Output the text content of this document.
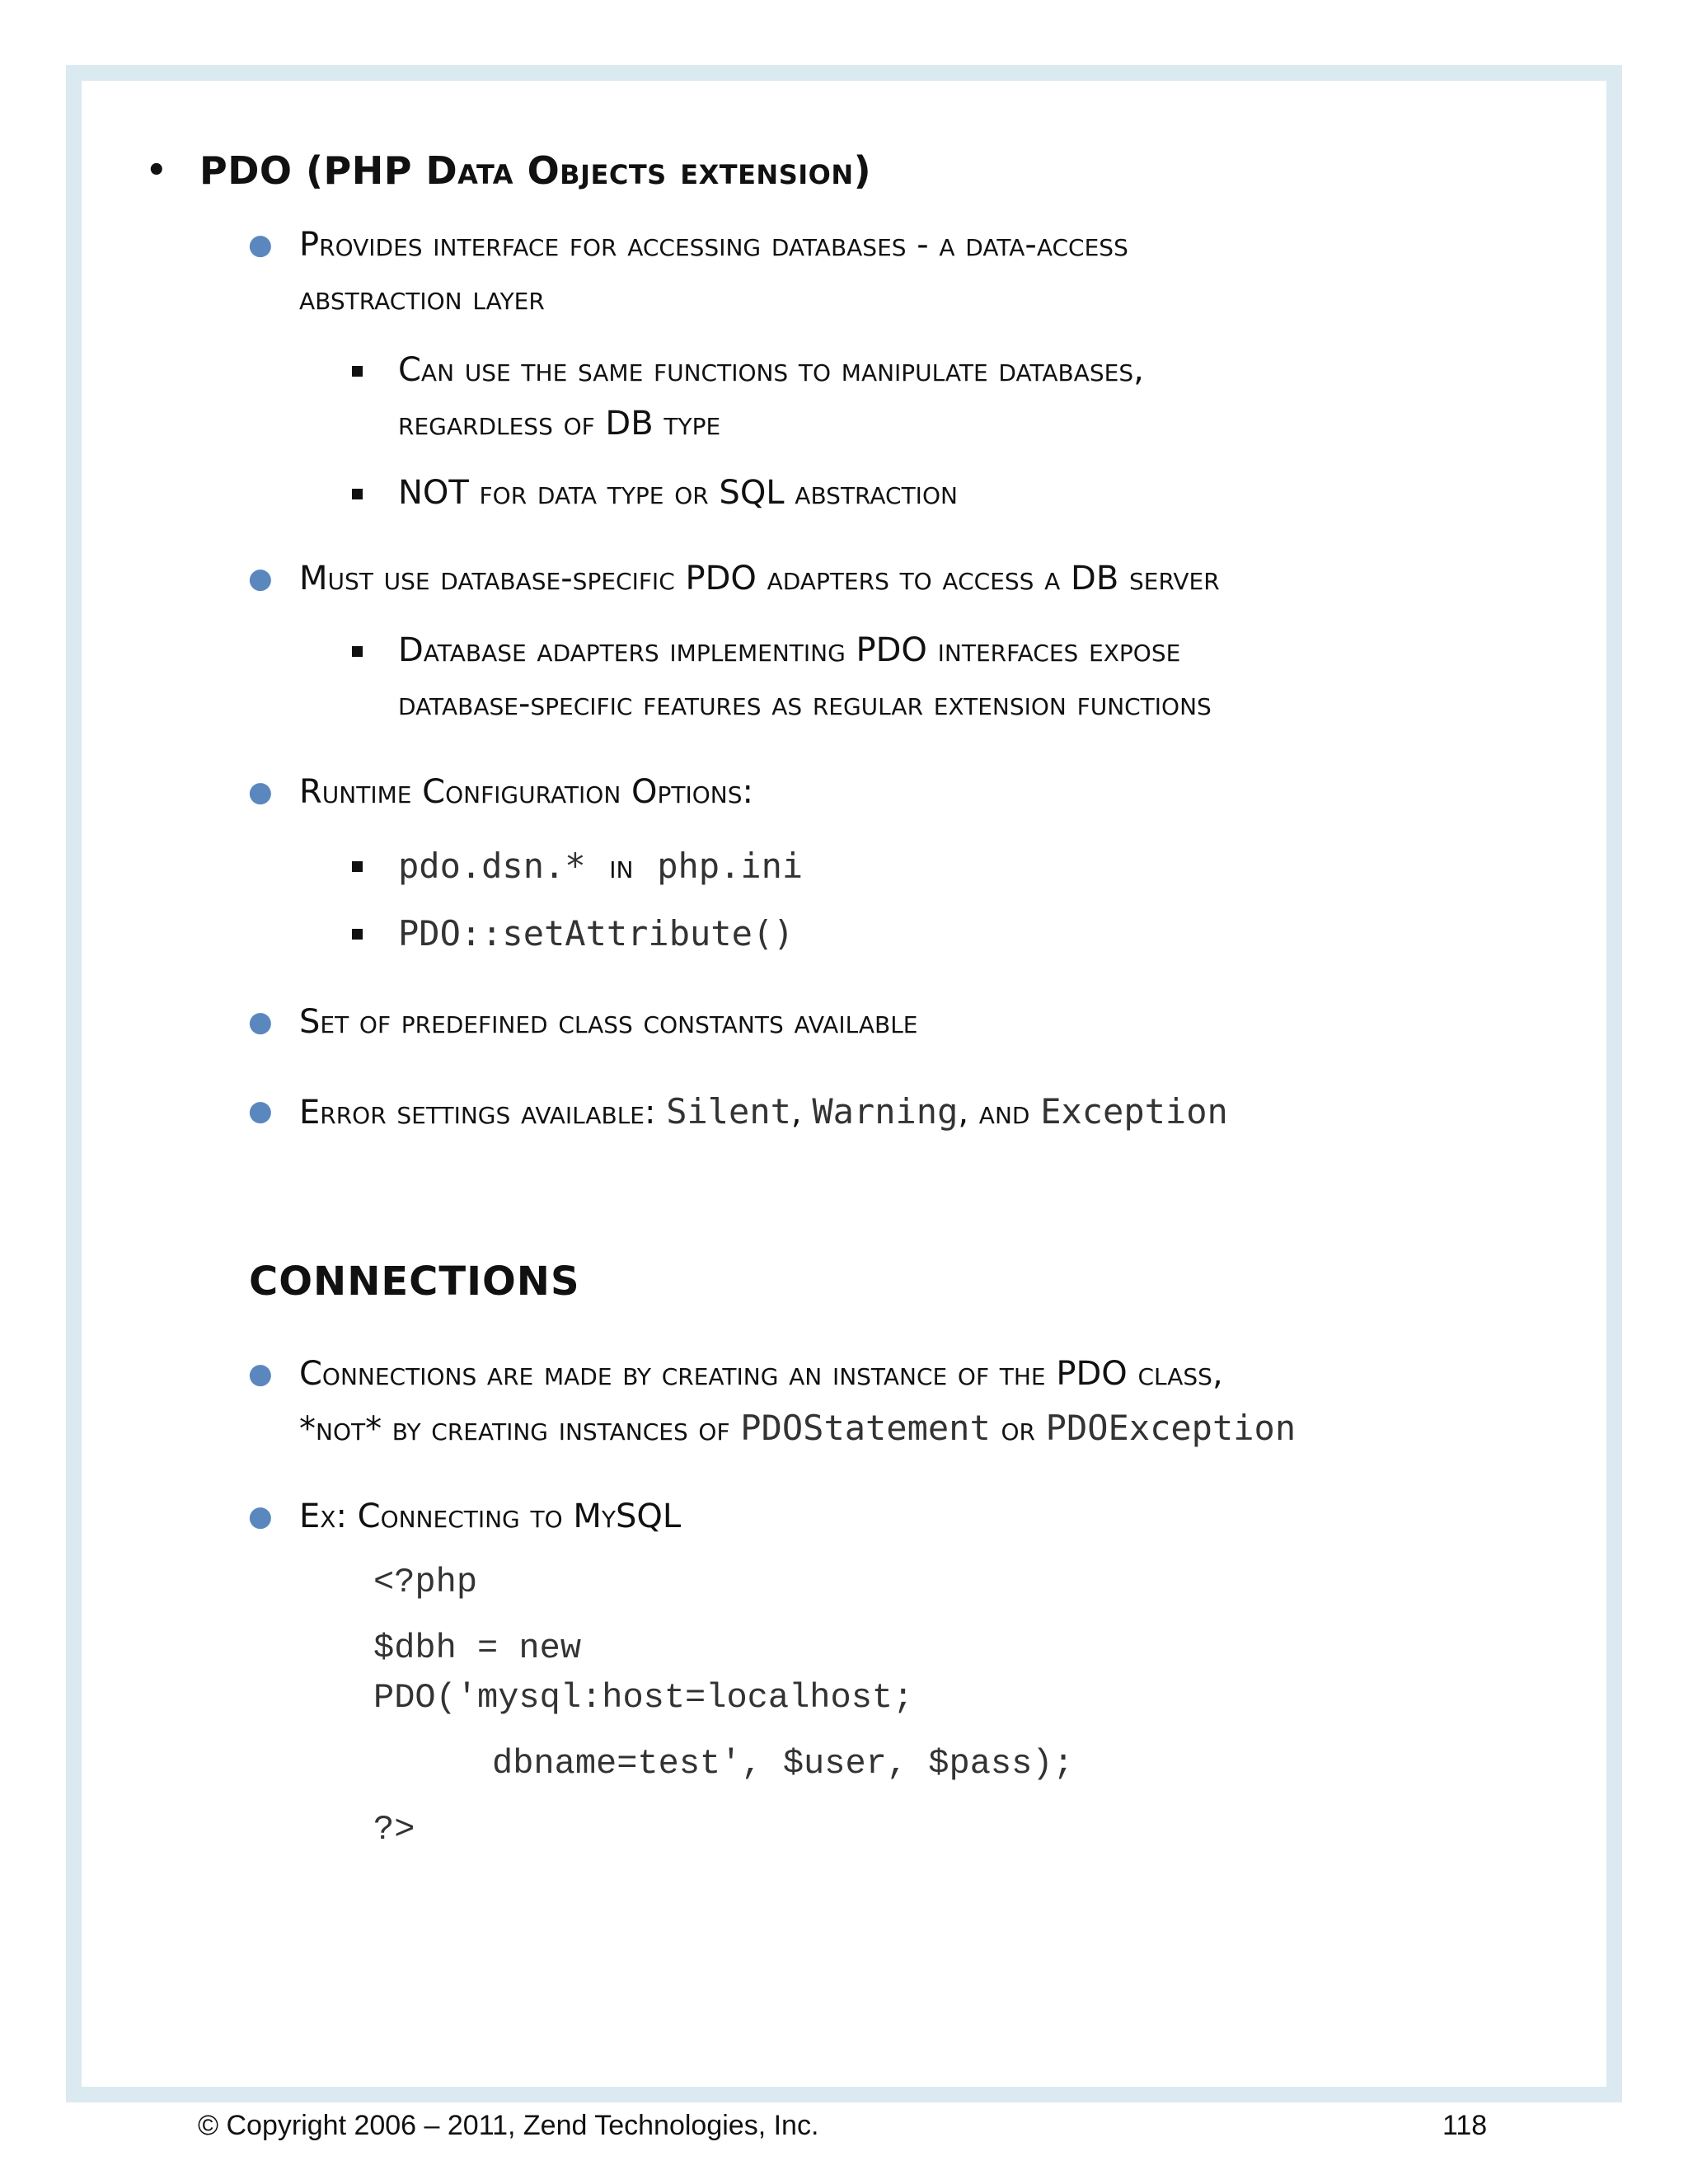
• PDO (PHP Data Objects extension)
● Provides interface for accessing databases - a data-access
abstraction layer
Can use the same functions to manipulate databases,
regardless of DB type
NOT for data type or SQL abstraction
● Must use database-specific PDO adapters to access a DB server
Database adapters implementing PDO interfaces expose
database-specific features as regular extension functions
● Runtime Configuration Options:
pdo.dsn.* in php.ini
PDO::setAttribute()
● Set of predefined class constants available
● Error settings available: Silent, Warning, and Exception
CONNECTIONS
● Connections are made by creating an instance of the PDO class,
*not* by creating instances of PDOStatement or PDOException
● Ex: Connecting to MySQL
<?php
$dbh = new
PDO('mysql:host=localhost;
dbname=test', $user, $pass);
?>
© Copyright 2006 – 2011, Zend Technologies, Inc.	118
